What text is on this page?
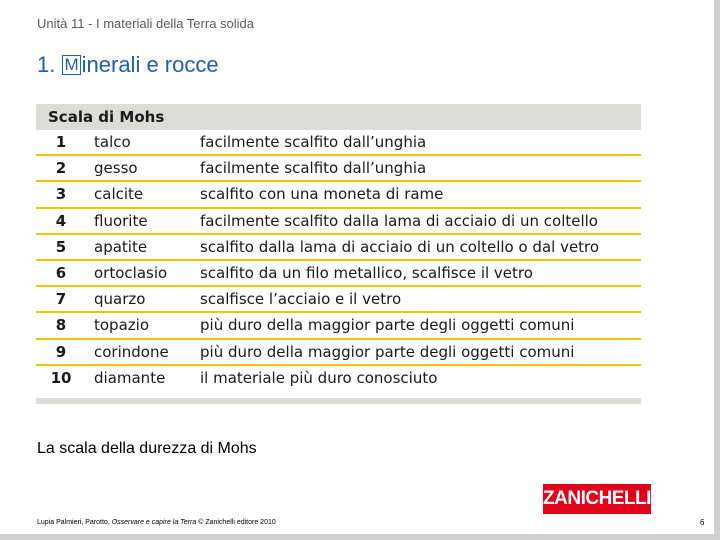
Unità 11 - I materiali della Terra solida
1. M inerali e rocce
Scala di Mohs		
1	talco	facilmente scalfito dall’unghia
2	gesso	facilmente scalfito dall’unghia
3	calcite	scalfito con una moneta di rame
4	fluorite	facilmente scalfito dalla lama di acciaio di un coltello
5	apatite	scalfito dalla lama di acciaio di un coltello o dal vetro
6	ortoclasio	scalfito da un filo metallico, scalfisce il vetro
7	quarzo	scalfisce l’acciaio e il vetro
8	topazio	più duro della maggior parte degli oggetti comuni
9	corindone	più duro della maggior parte degli oggetti comuni
10	diamante	il materiale più duro conosciuto
La scala della durezza di Mohs
ZANICHELLI
Lupia Palmieri, Parotto, Osservare e capire la Terra © Zanichelli editore 2010	6
